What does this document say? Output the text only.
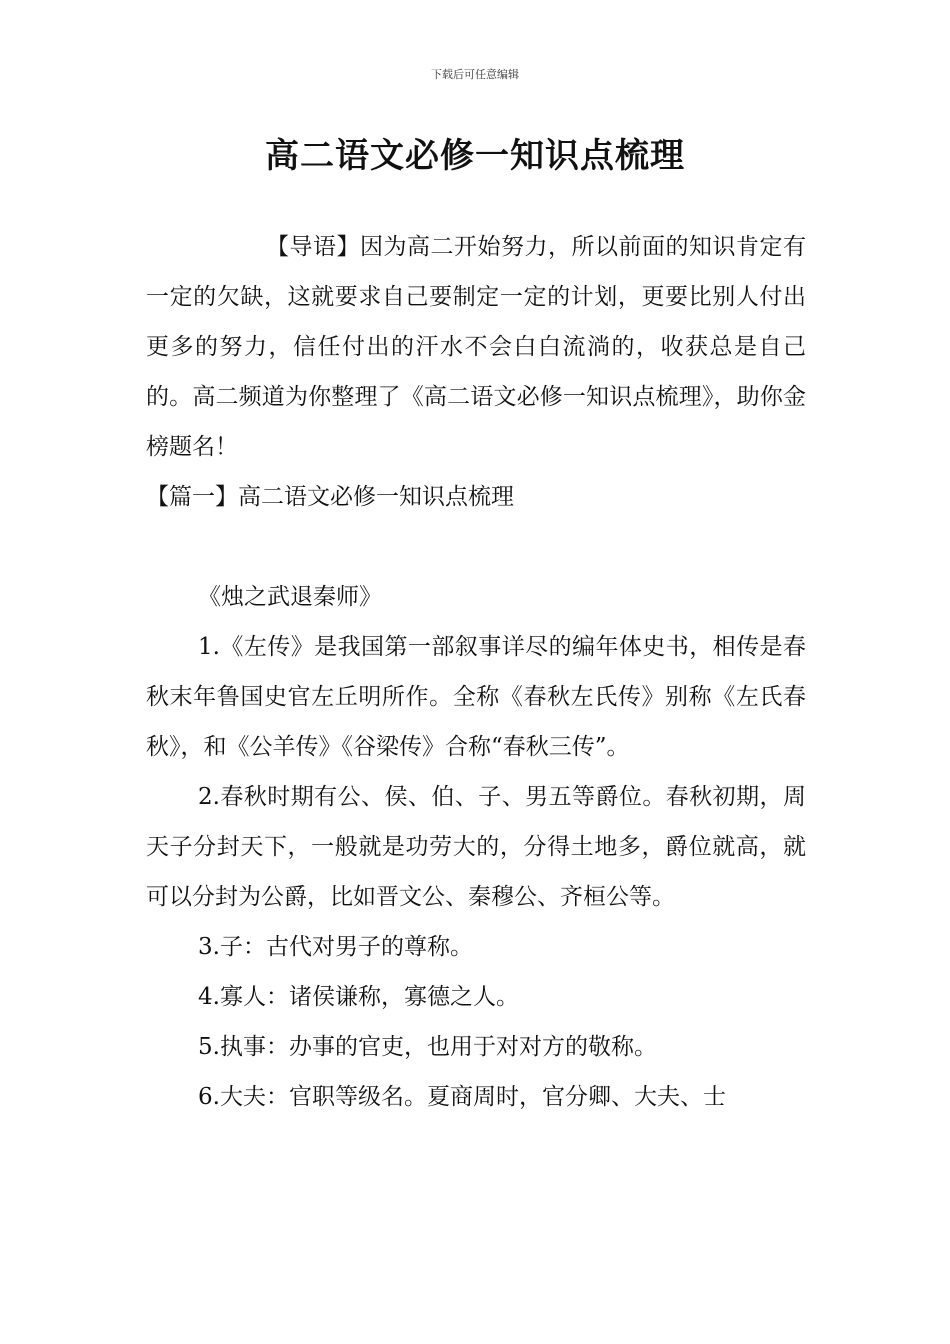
下载后可任意编辑
高二语文必修一知识点梳理

【导语】因为高二开始努力，所以前面的知识肯定有一定的欠缺，这就要求自己要制定一定的计划，更要比别人付出更多的努力，信任付出的汗水不会白白流淌的，收获总是自己的。高二频道为你整理了《高二语文必修一知识点梳理》，助你金榜题名！

【篇一】高二语文必修一知识点梳理

《烛之武退秦师》

1.《左传》是我国第一部叙事详尽的编年体史书，相传是春秋末年鲁国史官左丘明所作。全称《春秋左氏传》别称《左氏春秋》，和《公羊传》《谷梁传》合称“春秋三传”。

2.春秋时期有公、侯、伯、子、男五等爵位。春秋初期，周天子分封天下，一般就是功劳大的，分得土地多，爵位就高，就可以分封为公爵，比如晋文公、秦穆公、齐桓公等。

3.子：古代对男子的尊称。

4.寡人：诸侯谦称，寡德之人。

5.执事：办事的官吏，也用于对对方的敬称。

6.大夫：官职等级名。夏商周时，官分卿、大夫、士
